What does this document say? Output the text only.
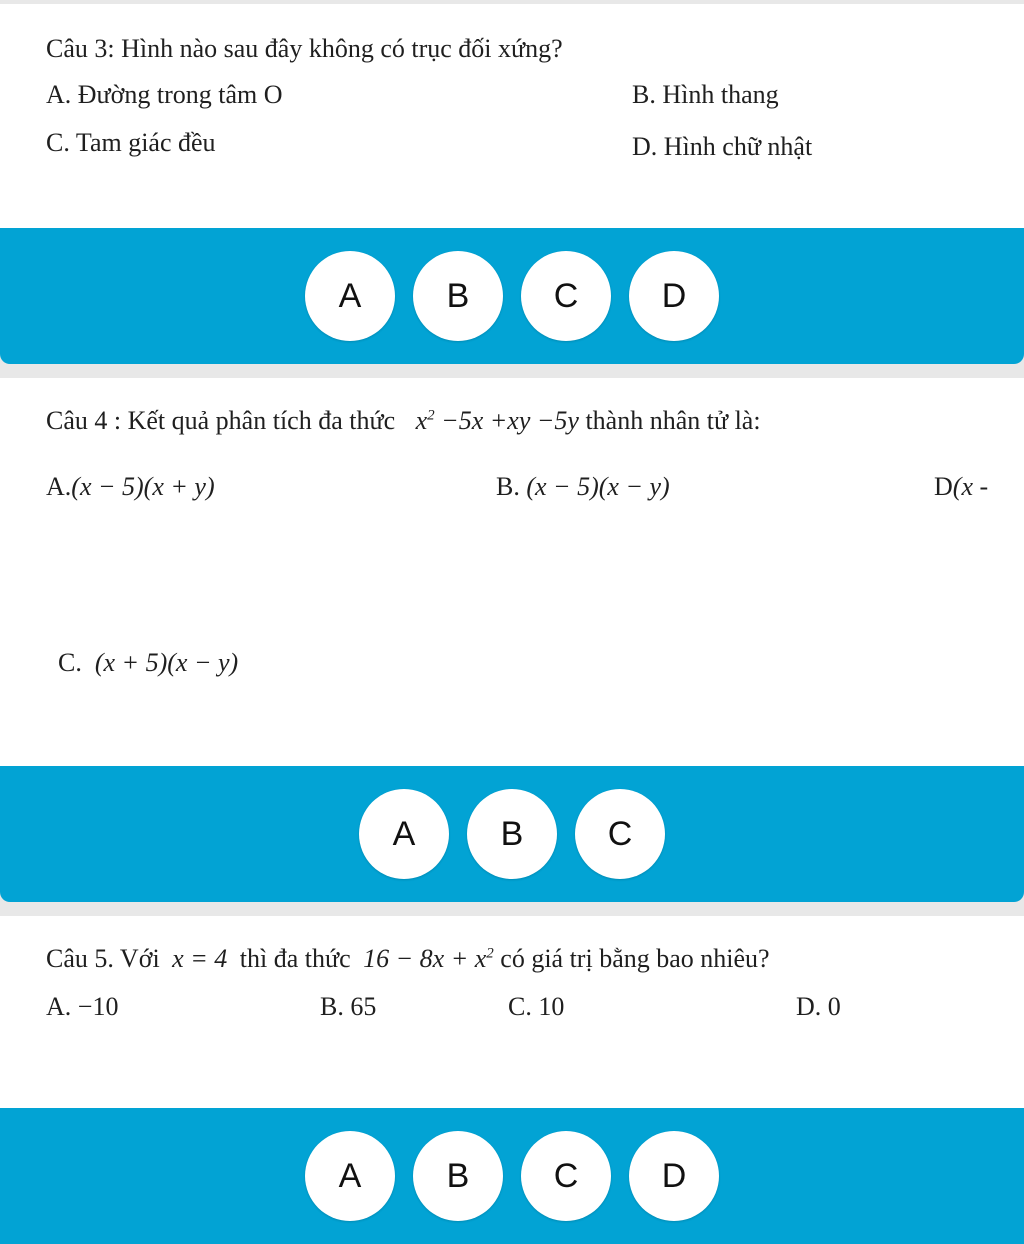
Câu 3: Hình nào sau đây không có trục đối xứng?
A. Đường trong tâm O	B. Hình thang
C. Tam giác đều	D. Hình chữ nhật
A	B	C	D
Câu 4 : Kết quả phân tích đa thức $x^2 -5x +xy -5y$ thành nhân tử là:
A.(x − 5)(x + y)	B. (x − 5)(x − y)	D(x -
C. (x + 5)(x − y)
A	B	C
Câu 5. Với x = 4 thì đa thức $16 - 8x + x^2$ có giá trị bằng bao nhiêu?
A. −10	B. 65	C. 10	D. 0
A	B	C	D
